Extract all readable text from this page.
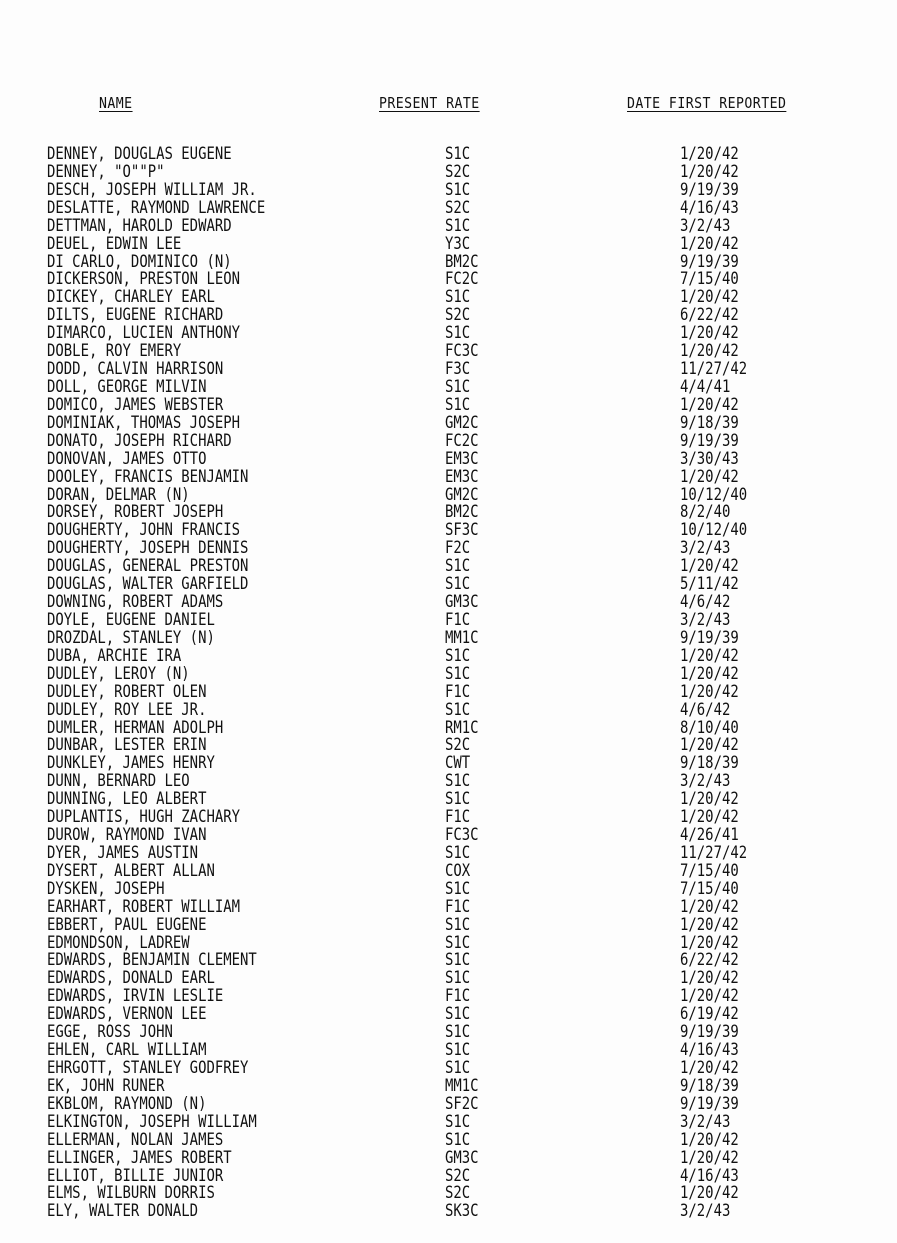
NAME	PRESENT RATE	DATE FIRST REPORTED
DENNEY, DOUGLAS EUGENE	S1C	1/20/42
DENNEY, "O""P"	S2C	1/20/42
DESCH, JOSEPH WILLIAM JR.	S1C	9/19/39
DESLATTE, RAYMOND LAWRENCE	S2C	4/16/43
DETTMAN, HAROLD EDWARD	S1C	3/2/43
DEUEL, EDWIN LEE	Y3C	1/20/42
DI CARLO, DOMINICO (N)	BM2C	9/19/39
DICKERSON, PRESTON LEON	FC2C	7/15/40
DICKEY, CHARLEY EARL	S1C	1/20/42
DILTS, EUGENE RICHARD	S2C	6/22/42
DIMARCO, LUCIEN ANTHONY	S1C	1/20/42
DOBLE, ROY EMERY	FC3C	1/20/42
DODD, CALVIN HARRISON	F3C	11/27/42
DOLL, GEORGE MILVIN	S1C	4/4/41
DOMICO, JAMES WEBSTER	S1C	1/20/42
DOMINIAK, THOMAS JOSEPH	GM2C	9/18/39
DONATO, JOSEPH RICHARD	FC2C	9/19/39
DONOVAN, JAMES OTTO	EM3C	3/30/43
DOOLEY, FRANCIS BENJAMIN	EM3C	1/20/42
DORAN, DELMAR (N)	GM2C	10/12/40
DORSEY, ROBERT JOSEPH	BM2C	8/2/40
DOUGHERTY, JOHN FRANCIS	SF3C	10/12/40
DOUGHERTY, JOSEPH DENNIS	F2C	3/2/43
DOUGLAS, GENERAL PRESTON	S1C	1/20/42
DOUGLAS, WALTER GARFIELD	S1C	5/11/42
DOWNING, ROBERT ADAMS	GM3C	4/6/42
DOYLE, EUGENE DANIEL	F1C	3/2/43
DROZDAL, STANLEY (N)	MM1C	9/19/39
DUBA, ARCHIE IRA	S1C	1/20/42
DUDLEY, LEROY (N)	S1C	1/20/42
DUDLEY, ROBERT OLEN	F1C	1/20/42
DUDLEY, ROY LEE JR.	S1C	4/6/42
DUMLER, HERMAN ADOLPH	RM1C	8/10/40
DUNBAR, LESTER ERIN	S2C	1/20/42
DUNKLEY, JAMES HENRY	CWT	9/18/39
DUNN, BERNARD LEO	S1C	3/2/43
DUNNING, LEO ALBERT	S1C	1/20/42
DUPLANTIS, HUGH ZACHARY	F1C	1/20/42
DUROW, RAYMOND IVAN	FC3C	4/26/41
DYER, JAMES AUSTIN	S1C	11/27/42
DYSERT, ALBERT ALLAN	COX	7/15/40
DYSKEN, JOSEPH	S1C	7/15/40
EARHART, ROBERT WILLIAM	F1C	1/20/42
EBBERT, PAUL EUGENE	S1C	1/20/42
EDMONDSON, LADREW	S1C	1/20/42
EDWARDS, BENJAMIN CLEMENT	S1C	6/22/42
EDWARDS, DONALD EARL	S1C	1/20/42
EDWARDS, IRVIN LESLIE	F1C	1/20/42
EDWARDS, VERNON LEE	S1C	6/19/42
EGGE, ROSS JOHN	S1C	9/19/39
EHLEN, CARL WILLIAM	S1C	4/16/43
EHRGOTT, STANLEY GODFREY	S1C	1/20/42
EK, JOHN RUNER	MM1C	9/18/39
EKBLOM, RAYMOND (N)	SF2C	9/19/39
ELKINGTON, JOSEPH WILLIAM	S1C	3/2/43
ELLERMAN, NOLAN JAMES	S1C	1/20/42
ELLINGER, JAMES ROBERT	GM3C	1/20/42
ELLIOT, BILLIE JUNIOR	S2C	4/16/43
ELMS, WILBURN DORRIS	S2C	1/20/42
ELY, WALTER DONALD	SK3C	3/2/43
